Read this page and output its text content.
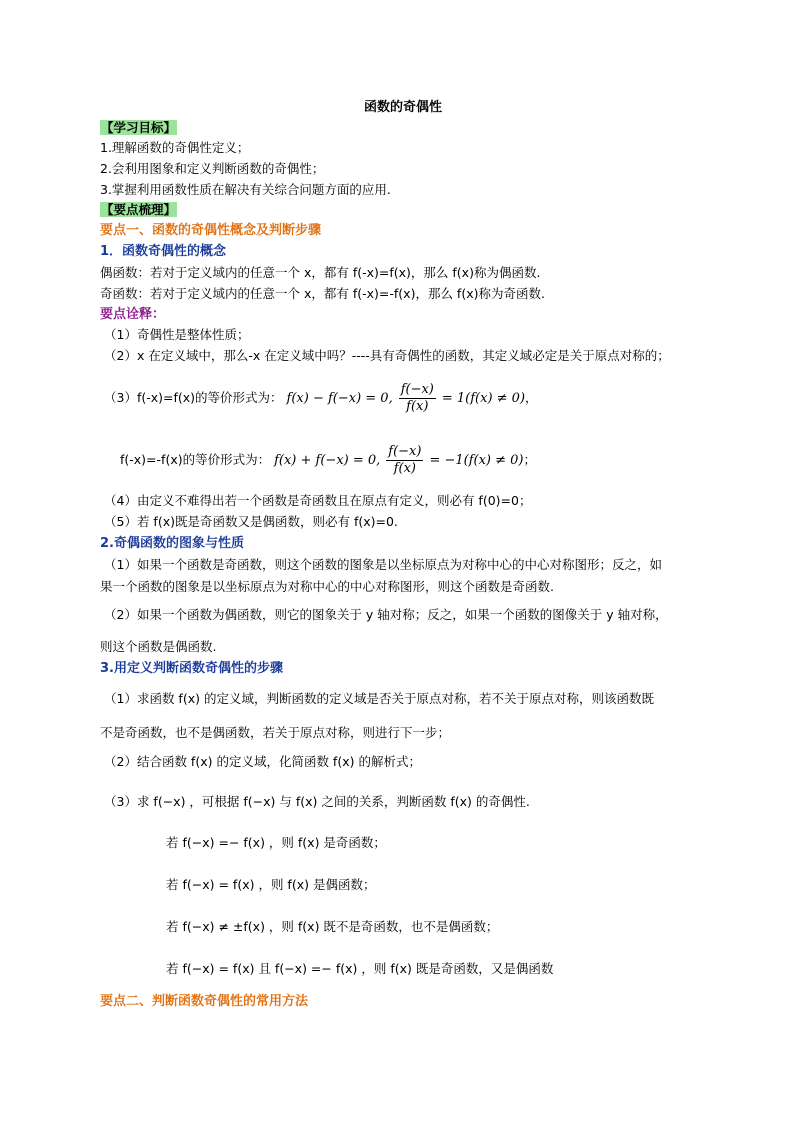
函数的奇偶性
【学习目标】
1.理解函数的奇偶性定义；
2.会利用图象和定义判断函数的奇偶性；
3.掌握利用函数性质在解决有关综合问题方面的应用.
【要点梳理】
要点一、函数的奇偶性概念及判断步骤
1．函数奇偶性的概念
偶函数：若对于定义域内的任意一个 x，都有 f(-x)=f(x)，那么 f(x)称为偶函数.
奇函数：若对于定义域内的任意一个 x，都有 f(-x)=-f(x)，那么 f(x)称为奇函数.
要点诠释：
（1）奇偶性是整体性质；
（2）x 在定义域中，那么-x 在定义域中吗？----具有奇偶性的函数，其定义域必定是关于原点对称的；
（3）f(-x)=f(x)的等价形式为： f(x) − f(−x) = 0, $\frac{f(-x)}{f(x)} = 1(f(x) \ne 0)$，
f(-x)=-f(x)的等价形式为： f(x) + f(−x) = 0, $\frac{f(-x)}{f(x)} = -1(f(x) \ne 0)$；
（4）由定义不难得出若一个函数是奇函数且在原点有定义，则必有 f(0)=0；
（5）若 f(x)既是奇函数又是偶函数，则必有 f(x)=0.
2.奇偶函数的图象与性质
（1）如果一个函数是奇函数，则这个函数的图象是以坐标原点为对称中心的中心对称图形；反之，如
果一个函数的图象是以坐标原点为对称中心的中心对称图形，则这个函数是奇函数.
（2）如果一个函数为偶函数，则它的图象关于 y 轴对称；反之，如果一个函数的图像关于 y 轴对称，
则这个函数是偶函数.
3.用定义判断函数奇偶性的步骤
（1）求函数 f(x) 的定义域，判断函数的定义域是否关于原点对称，若不关于原点对称，则该函数既
不是奇函数，也不是偶函数，若关于原点对称，则进行下一步；
（2）结合函数 f(x) 的定义域，化简函数 f(x) 的解析式；
（3）求 f(−x) ，可根据 f(−x) 与 f(x) 之间的关系，判断函数 f(x) 的奇偶性.
若 f(−x) =− f(x) ，则 f(x) 是奇函数；
若 f(−x) = f(x) ，则 f(x) 是偶函数；
若 f(−x) ≠ ±f(x) ，则 f(x) 既不是奇函数，也不是偶函数；
若 f(−x) = f(x) 且 f(−x) =− f(x) ，则 f(x) 既是奇函数，又是偶函数
要点二、判断函数奇偶性的常用方法
